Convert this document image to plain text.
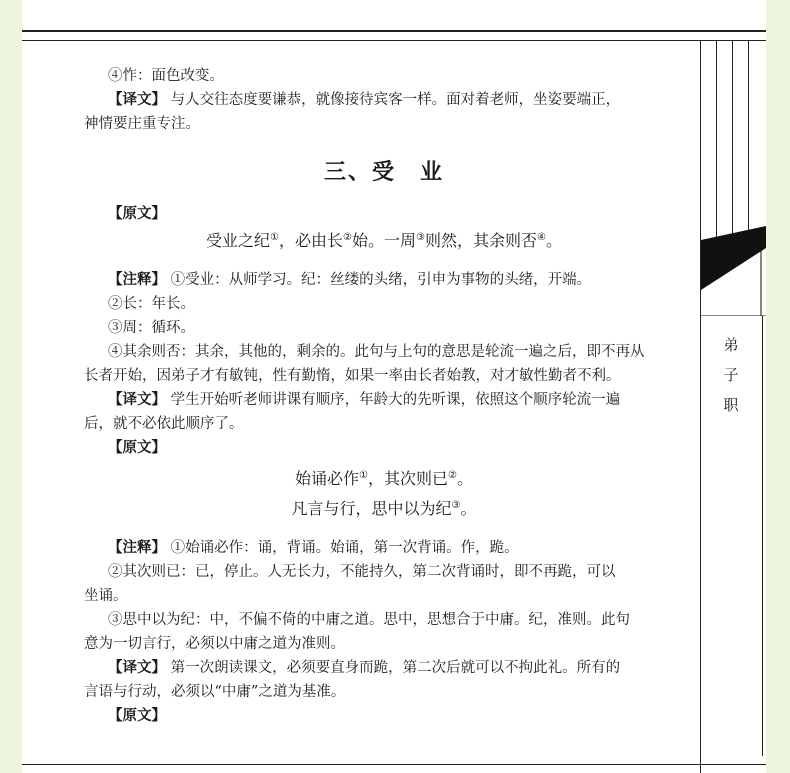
弟
子
职

④怍：面色改变。

【译文】 与人交往态度要谦恭，就像接待宾客一样。面对着老师，坐姿要端正，

神情要庄重专注。

三、受　业

【原文】

受业之纪①，必由长②始。一周③则然，其余则否④。

【注释】 ①受业：从师学习。纪：丝缕的头绪，引申为事物的头绪，开端。

②长：年长。

③周：循环。

④其余则否：其余，其他的，剩余的。此句与上句的意思是轮流一遍之后，即不再从

长者开始，因弟子才有敏钝，性有勤惰，如果一率由长者始教，对才敏性勤者不利。

【译文】 学生开始听老师讲课有顺序，年龄大的先听课，依照这个顺序轮流一遍

后，就不必依此顺序了。

【原文】

始诵必作①，其次则已②。
凡言与行，思中以为纪③。

【注释】 ①始诵必作：诵，背诵。始诵，第一次背诵。作，跪。

②其次则已：已，停止。人无长力，不能持久，第二次背诵时，即不再跪，可以

坐诵。

③思中以为纪：中，不偏不倚的中庸之道。思中，思想合于中庸。纪，准则。此句

意为一切言行，必须以中庸之道为准则。

【译文】 第一次朗读课文，必须要直身而跪，第二次后就可以不拘此礼。所有的

言语与行动，必须以“中庸”之道为基准。

【原文】
